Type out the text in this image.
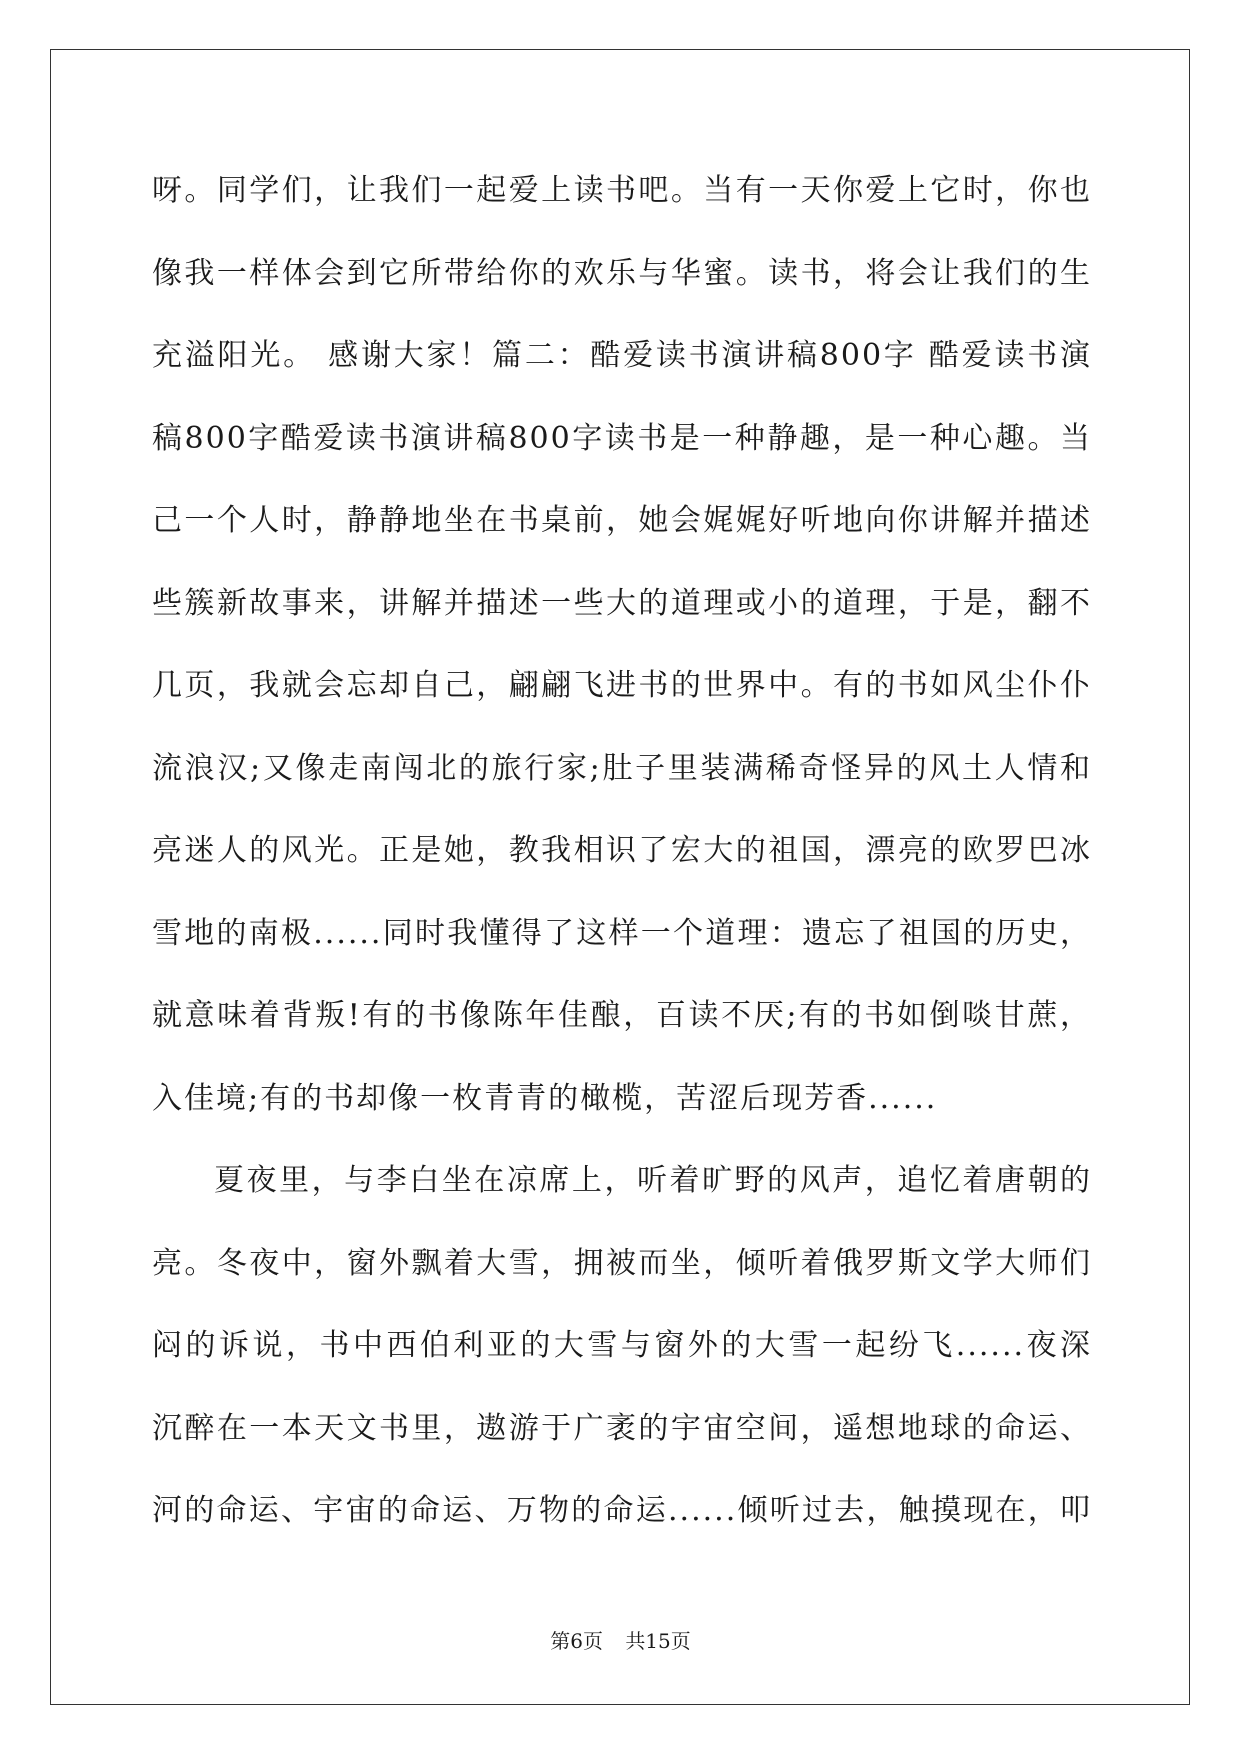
呀。同学们，让我们一起爱上读书吧。当有一天你爱上它时，你也
像我一样体会到它所带给你的欢乐与华蜜。读书，将会让我们的生
充溢阳光。 感谢大家！篇二：酷爱读书演讲稿800字 酷爱读书演
稿800字酷爱读书演讲稿800字读书是一种静趣，是一种心趣。当
己一个人时，静静地坐在书桌前，她会娓娓好听地向你讲解并描述
些簇新故事来，讲解并描述一些大的道理或小的道理，于是，翻不
几页，我就会忘却自己，翩翩飞进书的世界中。有的书如风尘仆仆
流浪汉;又像走南闯北的旅行家;肚子里装满稀奇怪异的风土人情和
亮迷人的风光。正是她，教我相识了宏大的祖国，漂亮的欧罗巴冰
雪地的南极......同时我懂得了这样一个道理：遗忘了祖国的历史，
就意味着背叛!有的书像陈年佳酿，百读不厌;有的书如倒啖甘蔗，
入佳境;有的书却像一枚青青的橄榄，苦涩后现芳香......
夏夜里，与李白坐在凉席上，听着旷野的风声，追忆着唐朝的
亮。冬夜中，窗外飘着大雪，拥被而坐，倾听着俄罗斯文学大师们
闷的诉说，书中西伯利亚的大雪与窗外的大雪一起纷飞......夜深
沉醉在一本天文书里，遨游于广袤的宇宙空间，遥想地球的命运、
河的命运、宇宙的命运、万物的命运......倾听过去，触摸现在，叩
第6页 共15页
